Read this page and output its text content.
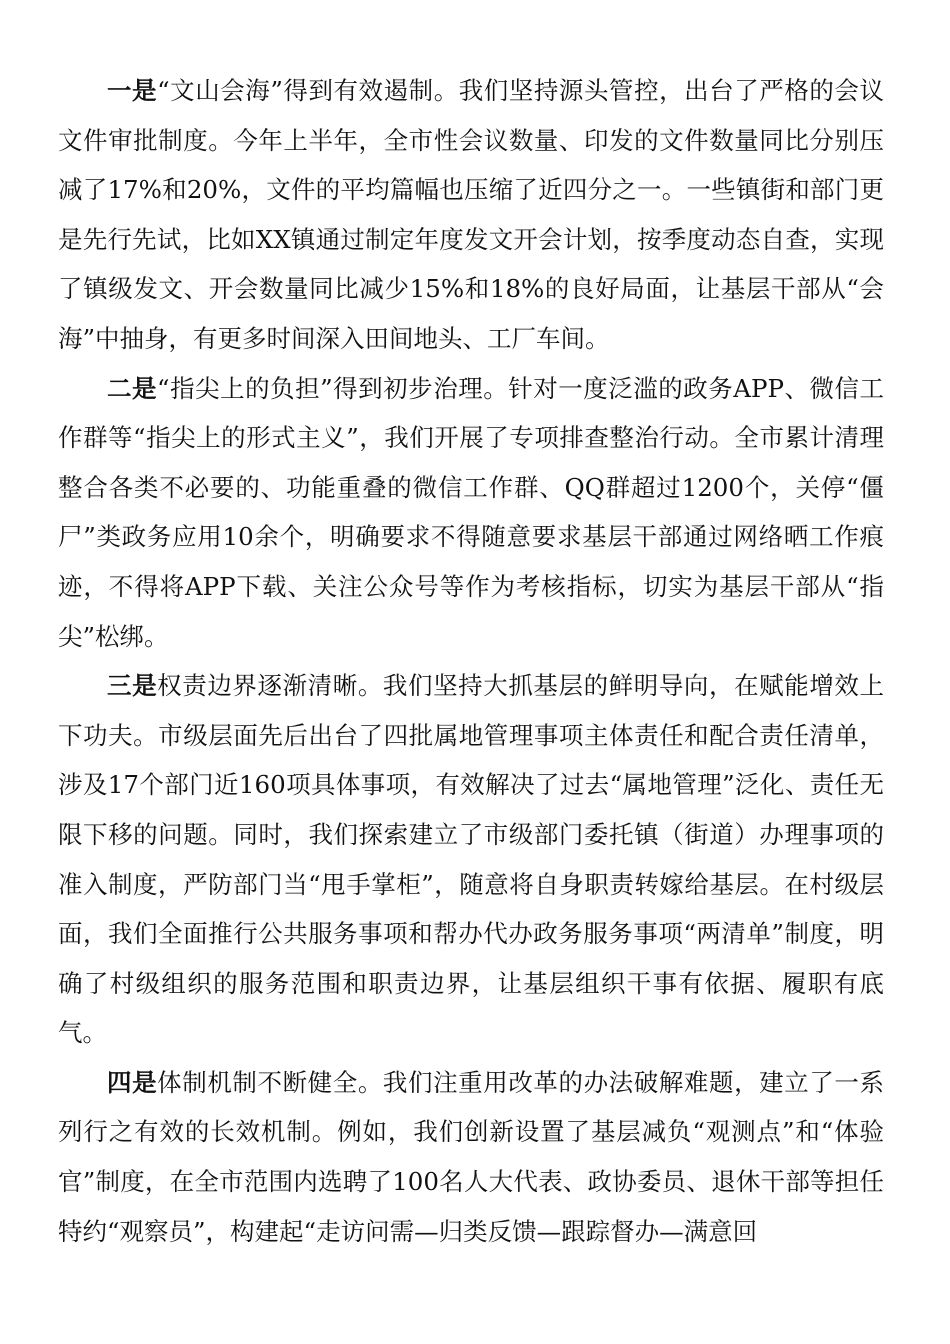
一是“文山会海”得到有效遏制。我们坚持源头管控，出台了严格的会议文件审批制度。今年上半年，全市性会议数量、印发的文件数量同比分别压减了17%和20%，文件的平均篇幅也压缩了近四分之一。一些镇街和部门更是先行先试，比如XX镇通过制定年度发文开会计划，按季度动态自查，实现了镇级发文、开会数量同比减少15%和18%的良好局面，让基层干部从“会海”中抽身，有更多时间深入田间地头、工厂车间。

二是“指尖上的负担”得到初步治理。针对一度泛滥的政务APP、微信工作群等“指尖上的形式主义”，我们开展了专项排查整治行动。全市累计清理整合各类不必要的、功能重叠的微信工作群、QQ群超过1200个，关停“僵尸”类政务应用10余个，明确要求不得随意要求基层干部通过网络晒工作痕迹，不得将APP下载、关注公众号等作为考核指标，切实为基层干部从“指尖”松绑。

三是权责边界逐渐清晰。我们坚持大抓基层的鲜明导向，在赋能增效上下功夫。市级层面先后出台了四批属地管理事项主体责任和配合责任清单，涉及17个部门近160项具体事项，有效解决了过去“属地管理”泛化、责任无限下移的问题。同时，我们探索建立了市级部门委托镇（街道）办理事项的准入制度，严防部门当“甩手掌柜”，随意将自身职责转嫁给基层。在村级层面，我们全面推行公共服务事项和帮办代办政务服务事项“两清单”制度，明确了村级组织的服务范围和职责边界，让基层组织干事有依据、履职有底气。

四是体制机制不断健全。我们注重用改革的办法破解难题，建立了一系列行之有效的长效机制。例如，我们创新设置了基层减负“观测点”和“体验官”制度，在全市范围内选聘了100名人大代表、政协委员、退休干部等担任特约“观察员”，构建起“走访问需—归类反馈—跟踪督办—满意回
